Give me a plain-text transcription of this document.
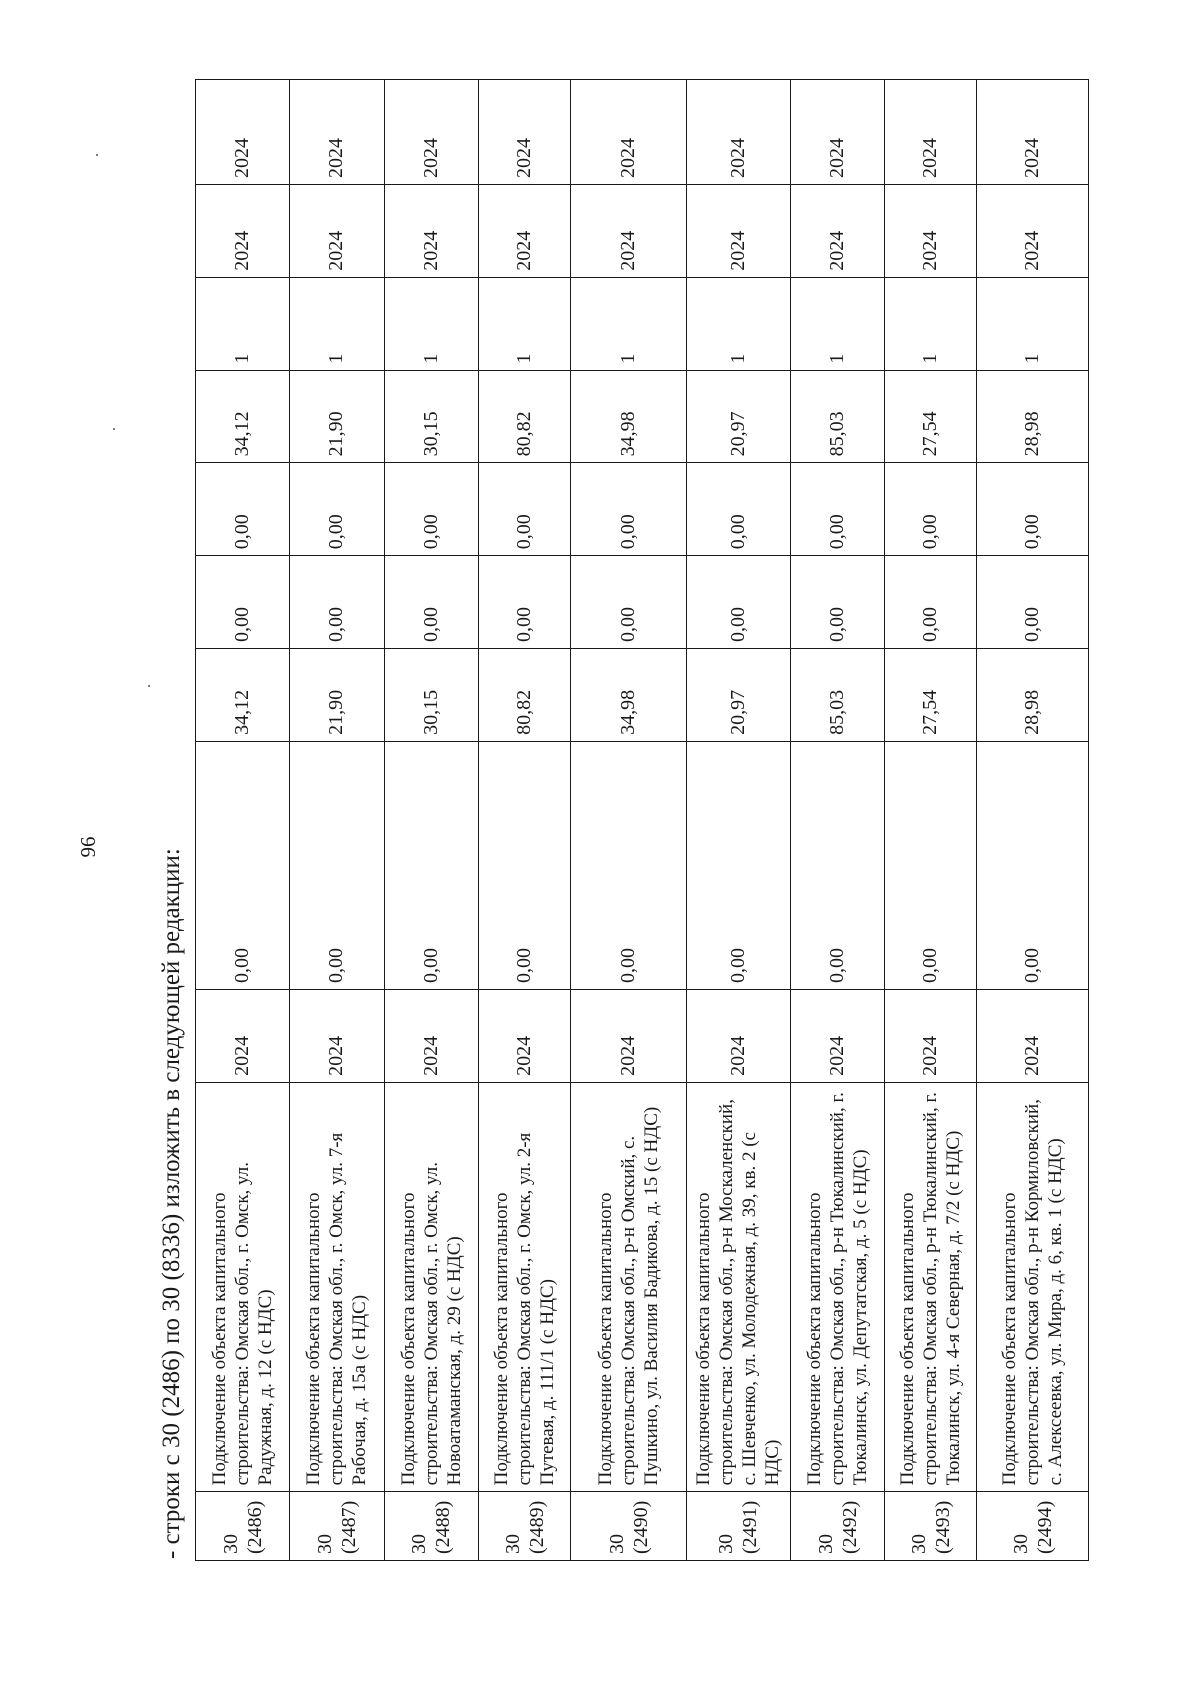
96
- строки с 30 (2486) по 30 (8336) изложить в следующей редакции: 30 (2486)	Подключение объекта капитального строительства: Омская обл., г. Омск, ул. Радужная, д. 12 (с НДС)	2024	0,00	34,12	0,00	0,00	34,12	1	2024	2024
30 (2487)	Подключение объекта капитального строительства: Омская обл., г. Омск, ул. 7-я Рабочая, д. 15а (с НДС)	2024	0,00	21,90	0,00	0,00	21,90	1	2024	2024
30 (2488)	Подключение объекта капитального строительства: Омская обл., г. Омск, ул. Новоатаманская, д. 29 (с НДС)	2024	0,00	30,15	0,00	0,00	30,15	1	2024	2024
30 (2489)	Подключение объекта капитального строительства: Омская обл., г. Омск, ул. 2-я Путевая, д. 111/1 (с НДС)	2024	0,00	80,82	0,00	0,00	80,82	1	2024	2024
30 (2490)	Подключение объекта капитального строительства: Омская обл., р-н Омский, с. Пушкино, ул. Василия Бадикова, д. 15 (с НДС)	2024	0,00	34,98	0,00	0,00	34,98	1	2024	2024
30 (2491)	Подключение объекта капитального строительства: Омская обл., р-н Москаленский, с. Шевченко, ул. Молодежная, д. 39, кв. 2 (с НДС)	2024	0,00	20,97	0,00	0,00	20,97	1	2024	2024
30 (2492)	Подключение объекта капитального строительства: Омская обл., р-н Тюкалинский, г. Тюкалинск, ул. Депутатская, д. 5 (с НДС)	2024	0,00	85,03	0,00	0,00	85,03	1	2024	2024
30 (2493)	Подключение объекта капитального строительства: Омская обл., р-н Тюкалинский, г. Тюкалинск, ул. 4-я Северная, д. 7/2 (с НДС)	2024	0,00	27,54	0,00	0,00	27,54	1	2024	2024
30 (2494)	Подключение объекта капитального строительства: Омская обл., р-н Кормиловский, с. Алексеевка, ул. Мира, д. 6, кв. 1 (с НДС)	2024	0,00	28,98	0,00	0,00	28,98	1	2024	2024
